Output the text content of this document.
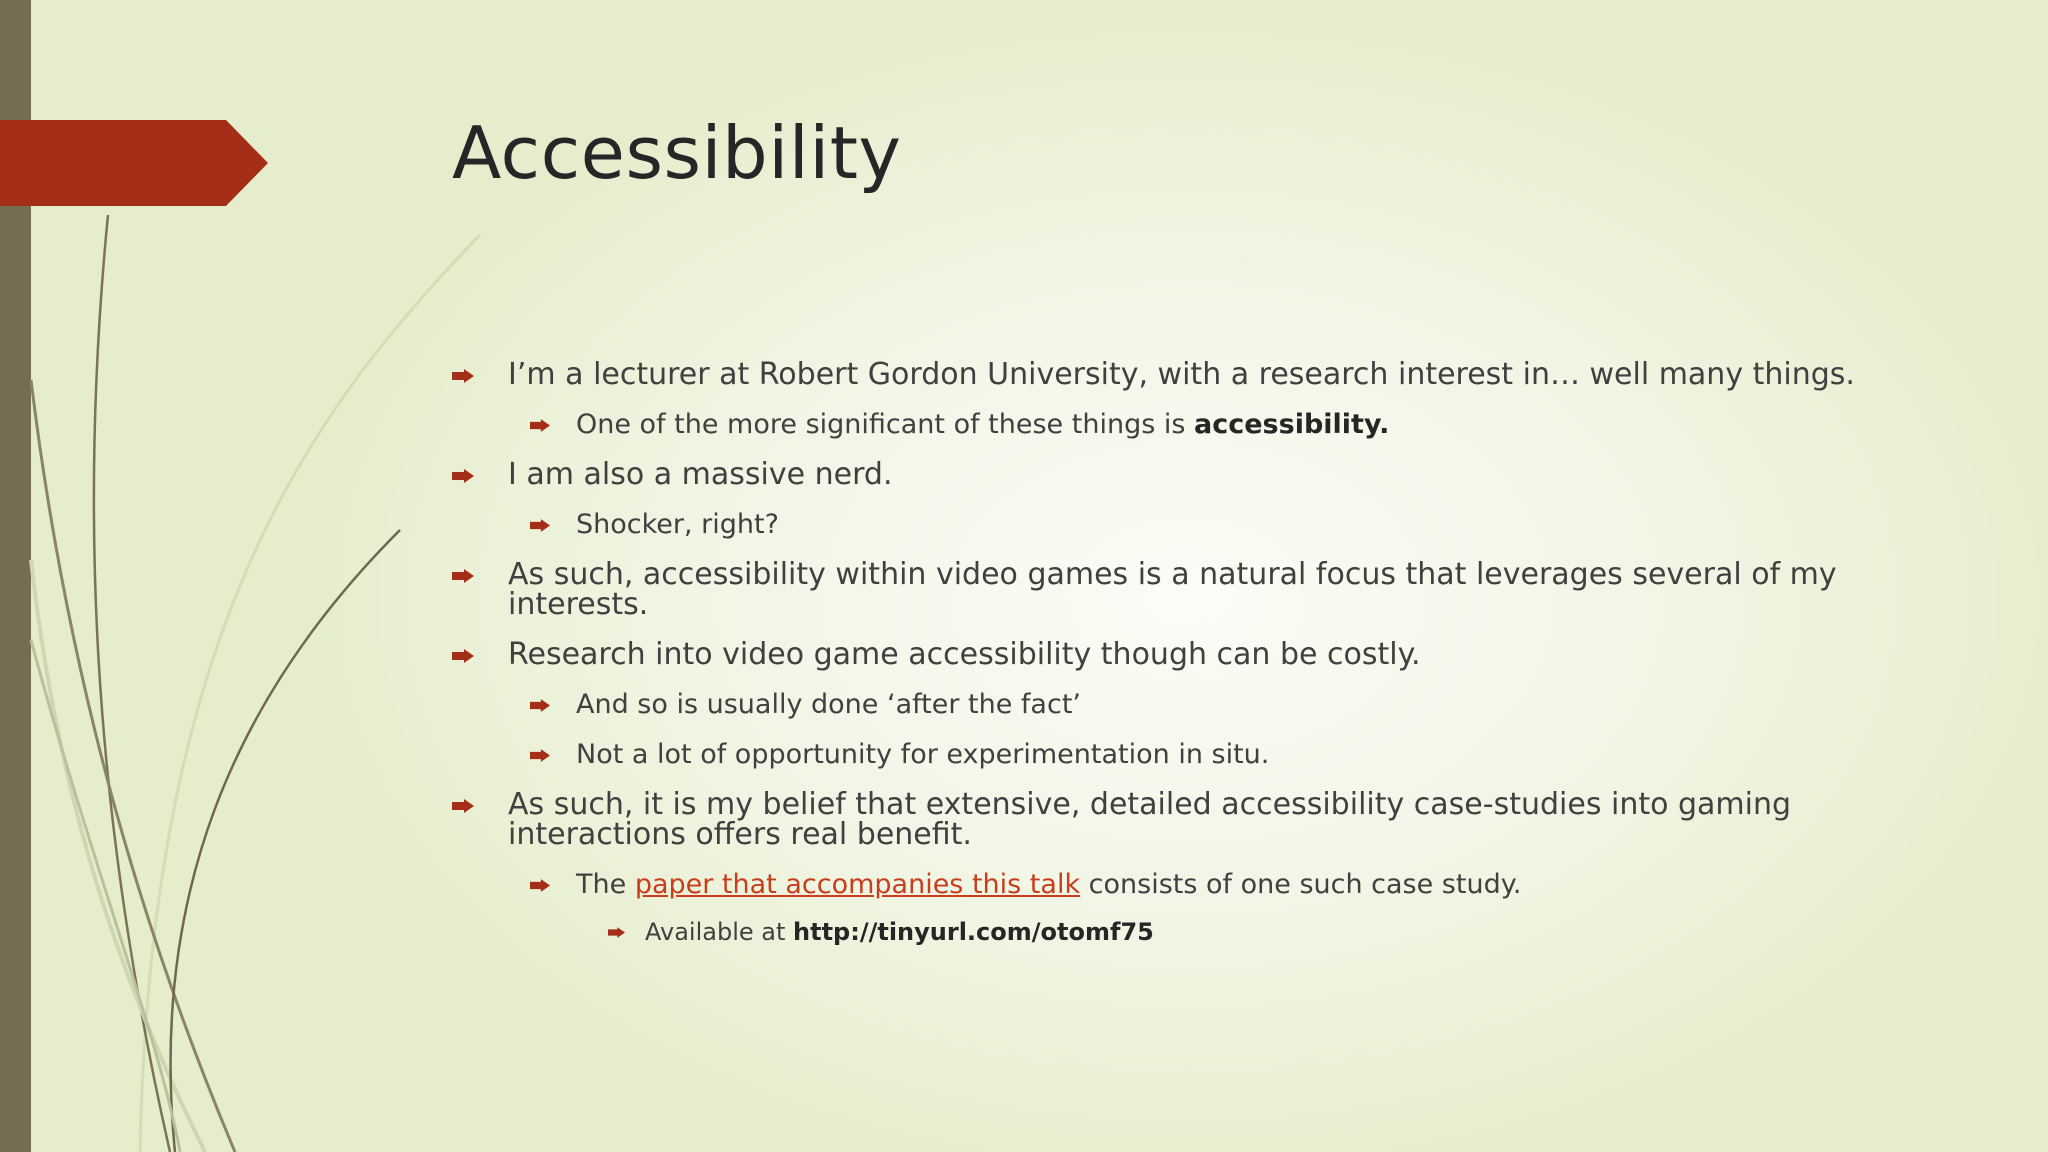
Accessibility
I’m a lecturer at Robert Gordon University, with a research interest in… well many things.
One of the more significant of these things is accessibility.
I am also a massive nerd.
Shocker, right?
As such, accessibility within video games is a natural focus that leverages several of my interests.
Research into video game accessibility though can be costly.
And so is usually done ‘after the fact’
Not a lot of opportunity for experimentation in situ.
As such, it is my belief that extensive, detailed accessibility case-studies into gaming interactions offers real benefit.
The paper that accompanies this talk consists of one such case study.
Available at http://tinyurl.com/otomf75
